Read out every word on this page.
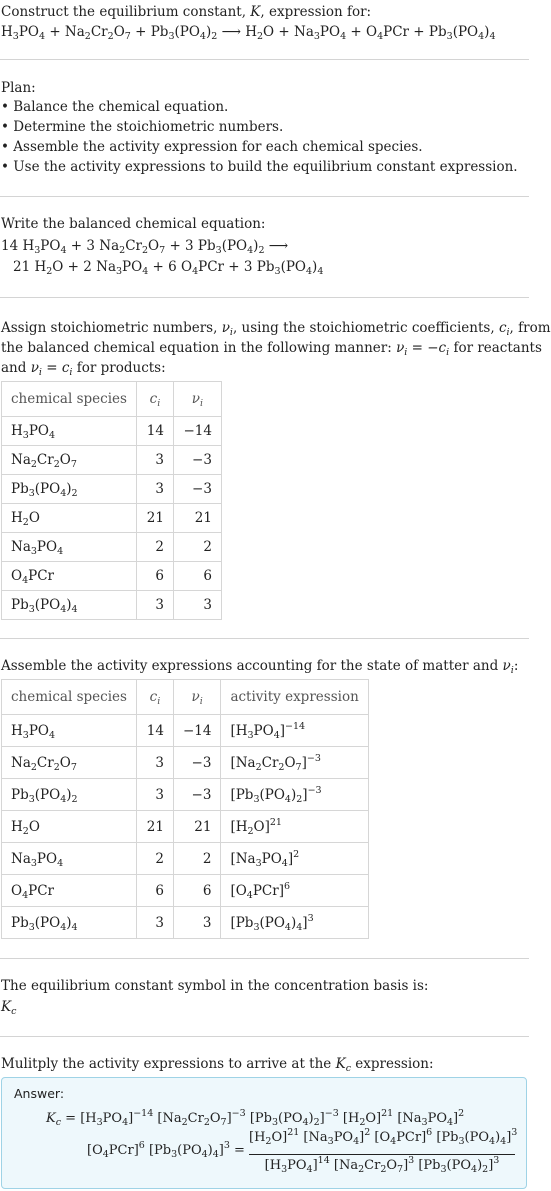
Construct the equilibrium constant, K, expression for:
$H_3PO_4 + Na_2Cr_2O_7 + Pb_3(PO_4)_2$ ⟶ $H_2O + Na_3PO_4 + O_4PCr + Pb_3(PO_4)_4$
Plan:
• Balance the chemical equation.
• Determine the stoichiometric numbers.
• Assemble the activity expression for each chemical species.
• Use the activity expressions to build the equilibrium constant expression.
Write the balanced chemical equation:
14 $H_3PO_4 + 3$ $Na_2Cr_2O_7 + 3$ $Pb_3(PO_4)_2$ ⟶
21 $H_2O + 2$ $Na_3PO_4 + 6$ $O_4PCr + 3$ $Pb_3(PO_4)_4$
Assign stoichiometric numbers, $\nu_i$, using the stoichiometric coefficients, $c_i$, from
the balanced chemical equation in the following manner: $\nu_i = -c_i$ for reactants
and $\nu_i = c_i$ for products:
chemical species	$c_i$	$\nu_i$
$H_3PO_4$	14	−14
$Na_2Cr_2O_7$	3	−3
$Pb_3(PO_4)_2$	3	−3
$H_2O$	21	21
$Na_3PO_4$	2	2
$O_4PCr$	6	6
$Pb_3(PO_4)_4$	3	3
Assemble the activity expressions accounting for the state of matter and $\nu_i$:
chemical species	$c_i$	$\nu_i$	activity expression
$H_3PO_4$	14	−14	$[H_3PO_4]^{-14}$
$Na_2Cr_2O_7$	3	−3	$[Na_2Cr_2O_7]^{-3}$
$Pb_3(PO_4)_2$	3	−3	$[Pb_3(PO_4)_2]^{-3}$
$H_2O$	21	21	$[H_2O]^{21}$
$Na_3PO_4$	2	2	$[Na_3PO_4]^2$
$O_4PCr$	6	6	$[O_4PCr]^6$
$Pb_3(PO_4)_4$	3	3	$[Pb_3(PO_4)_4]^3$
The equilibrium constant symbol in the concentration basis is:
$K_c$
Mulitply the activity expressions to arrive at the $K_c$ expression:
Answer:
$K_c = [H_3PO_4]^{-14}$ $[Na_2Cr_2O_7]^{-3}$ $[Pb_3(PO_4)_2]^{-3}$ $[H_2O]^{21}$ $[Na_3PO_4]^2$
$[O_4PCr]^6$ $[Pb_3(PO_4)_4]^3$ =
$[H_2O]^{21}$ $[Na_3PO_4]^2$ $[O_4PCr]^6$ $[Pb_3(PO_4)_4]^3$
$[H_3PO_4]^{14}$ $[Na_2Cr_2O_7]^3$ $[Pb_3(PO_4)_2]^3$
